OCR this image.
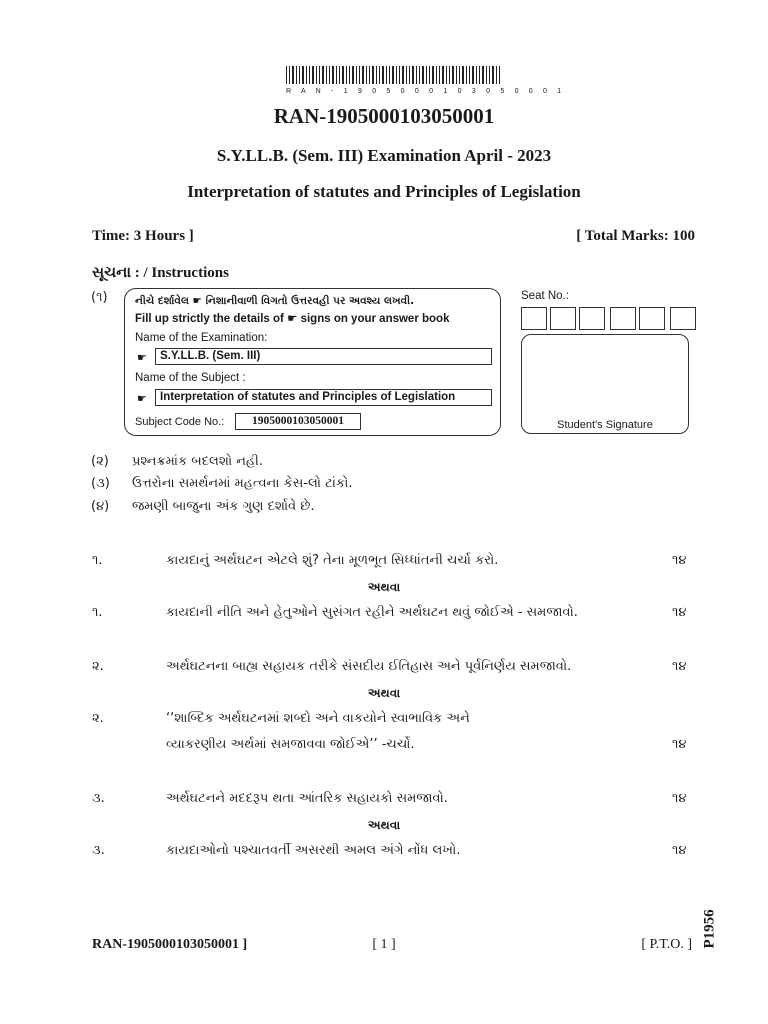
R A N - 1 9 0 5 0 0 0 1 0 3 0 5 0 0 0 1
RAN-1905000103050001
S.Y.LL.B. (Sem. III) Examination April - 2023
Interpretation of statutes and Principles of Legislation
Time: 3 Hours ]	[ Total Marks: 100
સૂચના : / Instructions
(૧)	નીચે દર્શાવેલ ☛ નિશાનીવાળી વિગતો ઉત્તરવહી પર અવશ્ય લખવી.
Fill up strictly the details of ☛ signs on your answer book
Name of the Examination:
☛	S.Y.LL.B. (Sem. III)
Name of the Subject :
☛	Interpretation of statutes and Principles of Legislation
Subject Code No.:	1905000103050001
Seat No.:
Student's Signature
(૨) પ્રશ્નક્રમાંક બદલશો નહી.
(૩) ઉત્તરોના સમર્થનમાં મહત્વના કેસ-લો ટાંકો.
(૪) જમણી બાજુના અંક ગુણ દર્શાવે છે.
૧.	કાયદાનું અર્થઘટન એટલે શું? તેના મૂળભૂત સિધ્ધાંતની ચર્ચા કરો.	૧૪
અથવા
૧.	કાયદાની નીતિ અને હેતુઓને સુસંગત રહીને અર્થઘટન થવું જોઈએ - સમજાવો.	૧૪
૨.	અર્થઘટનના બાહ્ય સહાયક તરીકે સંસદીય ઈતિહાસ અને પૂર્વનિર્ણય સમજાવો.	૧૪
અથવા
૨.	‘‘શાબ્દિક અર્થઘટનમાં શબ્દો અને વાકયોને સ્વાભાવિક અને
વ્યાકરણીય અર્થમાં સમજાવવા જોઈએ’’ -ચર્ચો.	૧૪
૩.	અર્થઘટનને મદદરૂપ થતા આંતરિક સહાયકો સમજાવો.	૧૪
અથવા
૩.	કાયદાઓનો પશ્ચાતવર્તી અસરથી અમલ અંગે નોંધ લખો.	૧૪
RAN-1905000103050001 ]	[ 1 ]	[ P.T.O. ] P1956
